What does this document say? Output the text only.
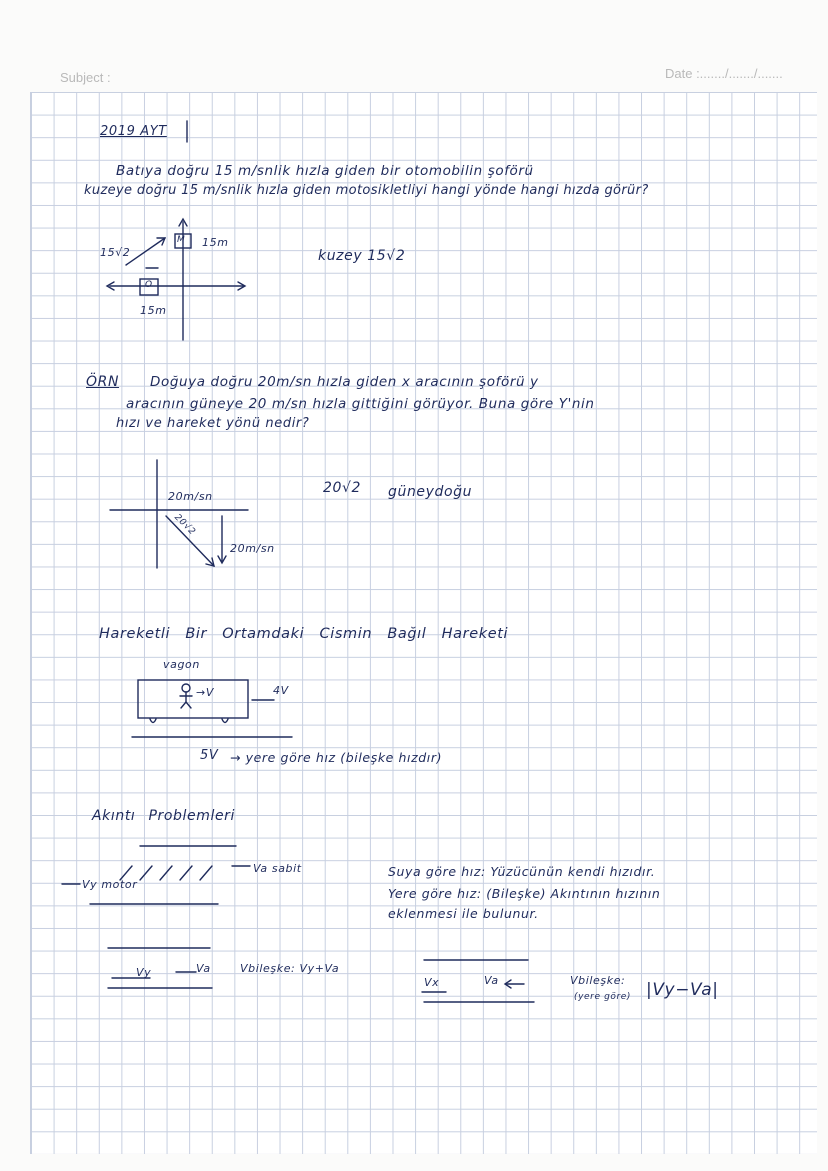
Subject :	Date :......./......./.......
2019 AYT
Batıya doğru 15 m/snlik hızla giden bir otomobilin şoförü
kuzeye doğru 15 m/snlik hızla giden motosikletliyi hangi yönde hangi hızda görür?
15√2
15m
15m
M
O
kuzey 15√2
ÖRN Doğuya doğru 20m/sn hızla giden x aracının şoförü y
aracının güneye 20 m/sn hızla gittiğini görüyor. Buna göre Y'nin
hızı ve hareket yönü nedir?
20m/sn
20m/sn
20√2
20√2 güneydoğu
Hareketli Bir Ortamdaki Cismin Bağıl Hareketi
vagon
→V	4V
5V → yere göre hız (bileşke hızdır)
Akıntı Problemleri
Va sabit
Vy motor
Suya göre hız: Yüzücünün kendi hızıdır.
Yere göre hız: (Bileşke) Akıntının hızının
eklenmesi ile bulunur.
Vy	Va	Vbileşke: Vy+Va
Vx	Va	Vbileşke:
(yere göre) |Vy−Va|
